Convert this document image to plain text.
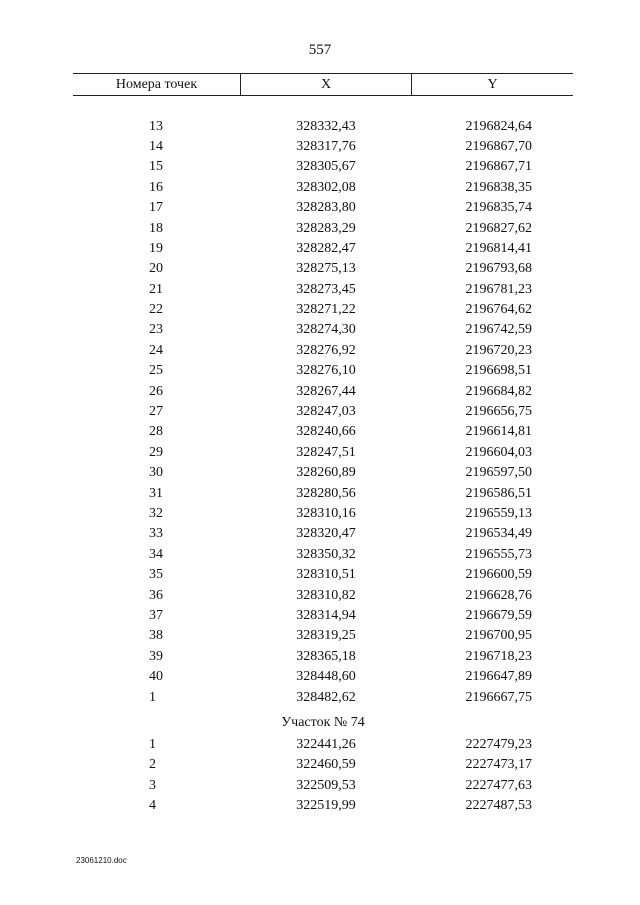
557
Номера точек	X	Y

13	328332,43	2196824,64
14	328317,76	2196867,70
15	328305,67	2196867,71
16	328302,08	2196838,35
17	328283,80	2196835,74
18	328283,29	2196827,62
19	328282,47	2196814,41
20	328275,13	2196793,68
21	328273,45	2196781,23
22	328271,22	2196764,62
23	328274,30	2196742,59
24	328276,92	2196720,23
25	328276,10	2196698,51
26	328267,44	2196684,82
27	328247,03	2196656,75
28	328240,66	2196614,81
29	328247,51	2196604,03
30	328260,89	2196597,50
31	328280,56	2196586,51
32	328310,16	2196559,13
33	328320,47	2196534,49
34	328350,32	2196555,73
35	328310,51	2196600,59
36	328310,82	2196628,76
37	328314,94	2196679,59
38	328319,25	2196700,95
39	328365,18	2196718,23
40	328448,60	2196647,89
1	328482,62	2196667,75
Участок № 74		
1	322441,26	2227479,23
2	322460,59	2227473,17
3	322509,53	2227477,63
4	322519,99	2227487,53
23061210.doc
